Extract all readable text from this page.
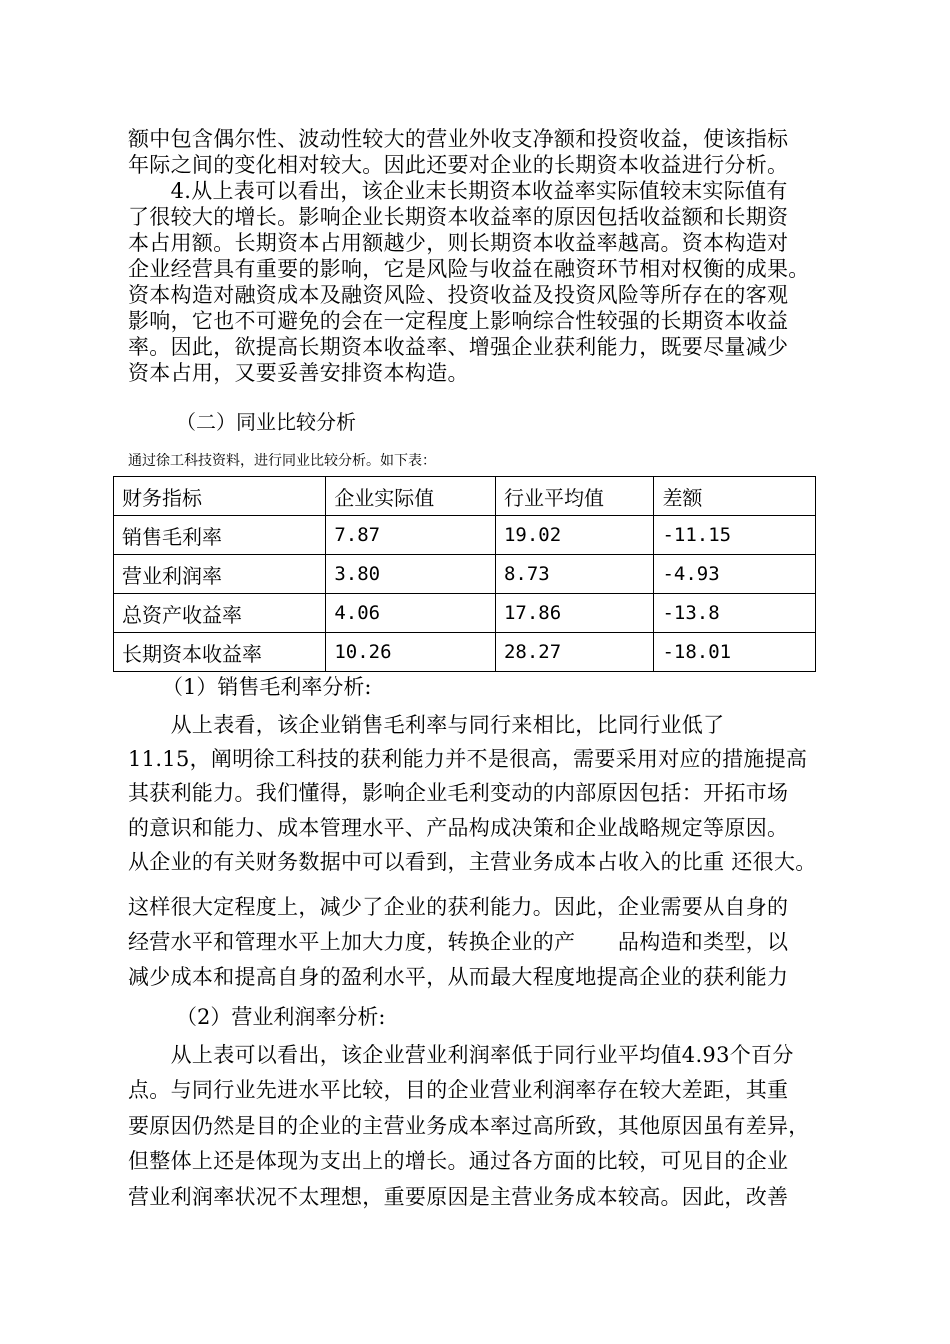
额中包含偶尔性、波动性较大的营业外收支净额和投资收益，使该指标
年际之间的变化相对较大。因此还要对企业的长期资本收益进行分析。
　　4.从上表可以看出，该企业末长期资本收益率实际值较末实际值有
了很较大的增长。影响企业长期资本收益率的原因包括收益额和长期资
本占用额。长期资本占用额越少，则长期资本收益率越高。资本构造对
企业经营具有重要的影响，它是风险与收益在融资环节相对权衡的成果。
资本构造对融资成本及融资风险、投资收益及投资风险等所存在的客观
影响，它也不可避免的会在一定程度上影响综合性较强的长期资本收益
率。因此，欲提高长期资本收益率、增强企业获利能力，既要尽量减少
资本占用，又要妥善安排资本构造。
（二）同业比较分析
通过徐工科技资料，进行同业比较分析。如下表：
财务指标	企业实际值	行业平均值	差额
销售毛利率	7.87	19.02	-11.15
营业利润率	3.80	8.73	-4.93
总资产收益率	4.06	17.86	-13.8
长期资本收益率	10.26	28.27	-18.01
（1）销售毛利率分析:
　　从上表看，该企业销售毛利率与同行来相比，比同行业低了
11.15，阐明徐工科技的获利能力并不是很高，需要采用对应的措施提高
其获利能力。我们懂得，影响企业毛利变动的内部原因包括：开拓市场
的意识和能力、成本管理水平、产品构成决策和企业战略规定等原因。
从企业的有关财务数据中可以看到，主营业务成本占收入的比重 还很大。
这样很大定程度上，减少了企业的获利能力。因此，企业需要从自身的
经营水平和管理水平上加大力度，转换企业的产　　品构造和类型，以
减少成本和提高自身的盈利水平，从而最大程度地提高企业的获利能力
（2）营业利润率分析:
　　从上表可以看出，该企业营业利润率低于同行业平均值4.93个百分
点。与同行业先进水平比较，目的企业营业利润率存在较大差距，其重
要原因仍然是目的企业的主营业务成本率过高所致，其他原因虽有差异，
但整体上还是体现为支出上的增长。通过各方面的比较，可见目的企业
营业利润率状况不太理想，重要原因是主营业务成本较高。因此，改善
